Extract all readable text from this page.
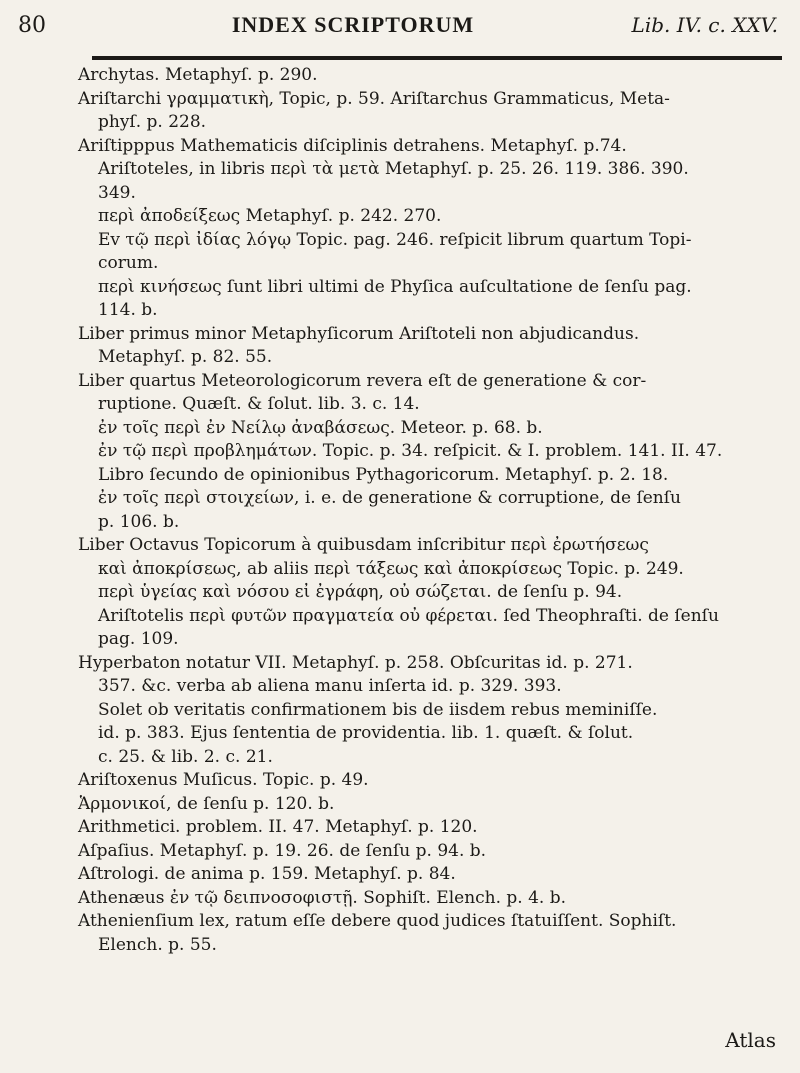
80	INDEX SCRIPTORUM	Lib. IV. c. XXV.
Archytas. Metaphyſ. p. 290.
Ariſtarchi γραμματικὴ, Topic, p. 59. Ariſtarchus Grammaticus, Meta-
phyſ. p. 228.
Ariſtipppus Mathematicis diſciplinis detrahens. Metaphyſ. p.74.
Ariſtoteles, in libris περὶ τὰ μετὰ Metaphyſ. p. 25. 26. 119. 386. 390.
349.
περὶ ἀποδείξεως Metaphyſ. p. 242. 270.
Ev τῷ περὶ ἰδίας λόγῳ Topic. pag. 246. reſpicit librum quartum Topi-
corum.
περὶ κινήσεως ſunt libri ultimi de Phyſica auſcultatione de ſenſu pag.
114. b.
Liber primus minor Metaphyſicorum Ariſtoteli non abjudicandus.
Metaphyſ. p. 82. 55.
Liber quartus Meteorologicorum revera eſt de generatione & cor-
ruptione. Quæſt. & ſolut. lib. 3. c. 14.
ἐν τοῖς περὶ ἐν Νείλῳ ἀναβάσεως. Meteor. p. 68. b.
ἐν τῷ περὶ προβλημάτων. Topic. p. 34. reſpicit. & I. problem. 141. II. 47.
Libro ſecundo de opinionibus Pythagoricorum. Metaphyſ. p. 2. 18.
ἐν τοῖς περὶ στοιχείων, i. e. de generatione & corruptione, de ſenſu
p. 106. b.
Liber Octavus Topicorum à quibusdam inſcribitur περὶ ἐρωτήσεως
καὶ ἀποκρίσεως, ab aliis περὶ τάξεως καὶ ἀποκρίσεως Topic. p. 249.
περὶ ὑγείας καὶ νόσου εἰ ἐγράφη, οὐ σώζεται. de ſenſu p. 94.
Ariſtotelis περὶ φυτῶν πραγματεία οὐ φέρεται. ſed Theophraſti. de ſenſu
pag. 109.
Hyperbaton notatur VII. Metaphyſ. p. 258. Obſcuritas id. p. 271.
357. &c. verba ab aliena manu inſerta id. p. 329. 393.
Solet ob veritatis confirmationem bis de iisdem rebus meminiſſe.
id. p. 383. Ejus ſententia de providentia. lib. 1. quæſt. & ſolut.
c. 25. & lib. 2. c. 21.
Ariſtoxenus Muſicus. Topic. p. 49.
Ἁρμονικοί, de ſenſu p. 120. b.
Arithmetici. problem. II. 47. Metaphyſ. p. 120.
Aſpaſius. Metaphyſ. p. 19. 26. de ſenſu p. 94. b.
Aſtrologi. de anima p. 159. Metaphyſ. p. 84.
Athenæus ἐν τῷ δειπνοσοφιστῇ. Sophiſt. Elench. p. 4. b.
Athenienſium lex, ratum eſſe debere quod judices ſtatuiſſent. Sophiſt.
Elench. p. 55.
Atlas
